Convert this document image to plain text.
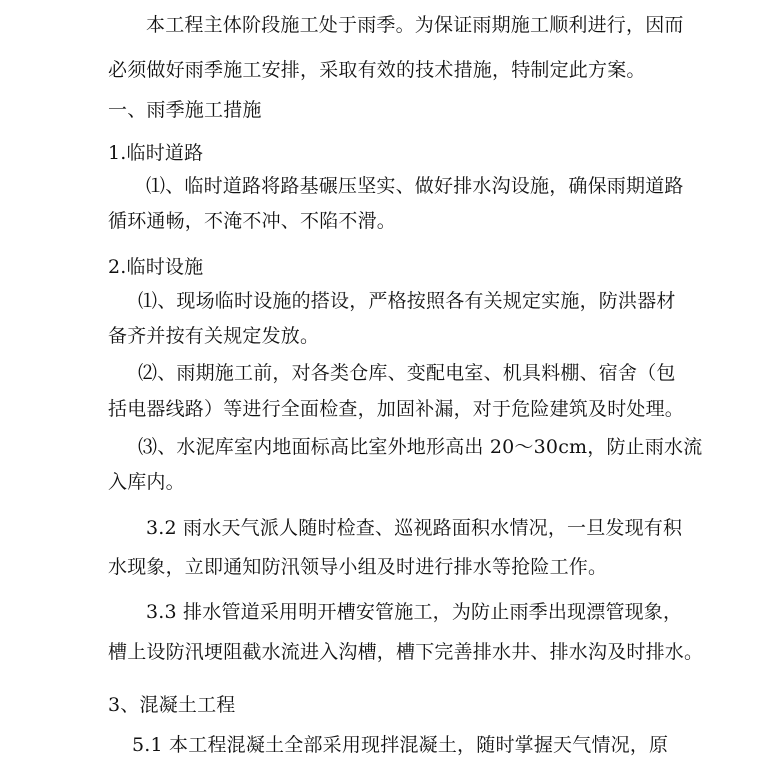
本工程主体阶段施工处于雨季。为保证雨期施工顺利进行，因而
必须做好雨季施工安排，采取有效的技术措施，特制定此方案。
一、雨季施工措施
1.临时道路
⑴、临时道路将路基碾压坚实、做好排水沟设施，确保雨期道路
循环通畅，不淹不冲、不陷不滑。
2.临时设施
⑴、现场临时设施的搭设，严格按照各有关规定实施，防洪器材
备齐并按有关规定发放。
⑵、雨期施工前，对各类仓库、变配电室、机具料棚、宿舍（包
括电器线路）等进行全面检查，加固补漏，对于危险建筑及时处理。
⑶、水泥库室内地面标高比室外地形高出 20～30cm，防止雨水流
入库内。
3.2 雨水天气派人随时检查、巡视路面积水情况，一旦发现有积
水现象，立即通知防汛领导小组及时进行排水等抢险工作。
3.3 排水管道采用明开槽安管施工，为防止雨季出现漂管现象，
槽上设防汛埂阻截水流进入沟槽，槽下完善排水井、排水沟及时排水。
3、混凝土工程
5.1 本工程混凝土全部采用现拌混凝土，随时掌握天气情况，原
